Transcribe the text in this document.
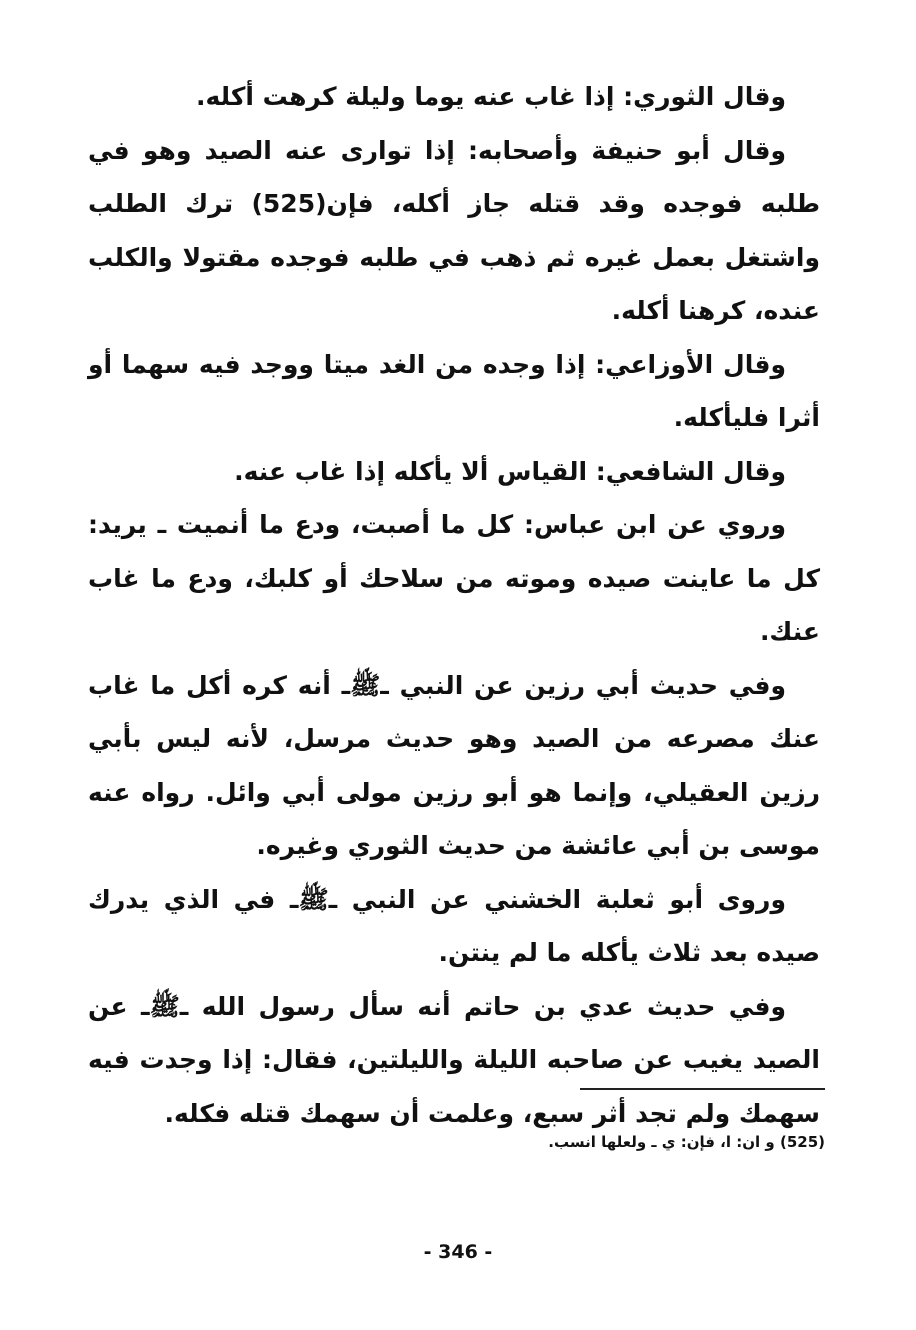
وقال الثوري: إذا غاب عنه يوما وليلة كرهت أكله.

وقال أبو حنيفة وأصحابه: إذا توارى عنه الصيد وهو في طلبه فوجده وقد قتله جاز أكله، فإن(525) ترك الطلب واشتغل بعمل غيره ثم ذهب في طلبه فوجده مقتولا والكلب عنده، كرهنا أكله.

وقال الأوزاعي: إذا وجده من الغد ميتا ووجد فيه سهما أو أثرا فليأكله.

وقال الشافعي: القياس ألا يأكله إذا غاب عنه.

وروي عن ابن عباس: كل ما أصبت، ودع ما أنميت ـ يريد: كل ما عاينت صيده وموته من سلاحك أو كلبك، ودع ما غاب عنك.

وفي حديث أبي رزين عن النبي ـﷺـ أنه كره أكل ما غاب عنك مصرعه من الصيد وهو حديث مرسل، لأنه ليس بأبي رزين العقيلي، وإنما هو أبو رزين مولى أبي وائل. رواه عنه موسى بن أبي عائشة من حديث الثوري وغيره.

وروى أبو ثعلبة الخشني عن النبي ـﷺـ في الذي يدرك صيده بعد ثلاث يأكله ما لم ينتن.

وفي حديث عدي بن حاتم أنه سأل رسول الله ـﷺـ عن الصيد يغيب عن صاحبه الليلة والليلتين، فقال: إذا وجدت فيه سهمك ولم تجد أثر سبع، وعلمت أن سهمك قتله فكله.

(525) و ان: ا، فإن: ي ـ ولعلها انسب.
- 346 -
